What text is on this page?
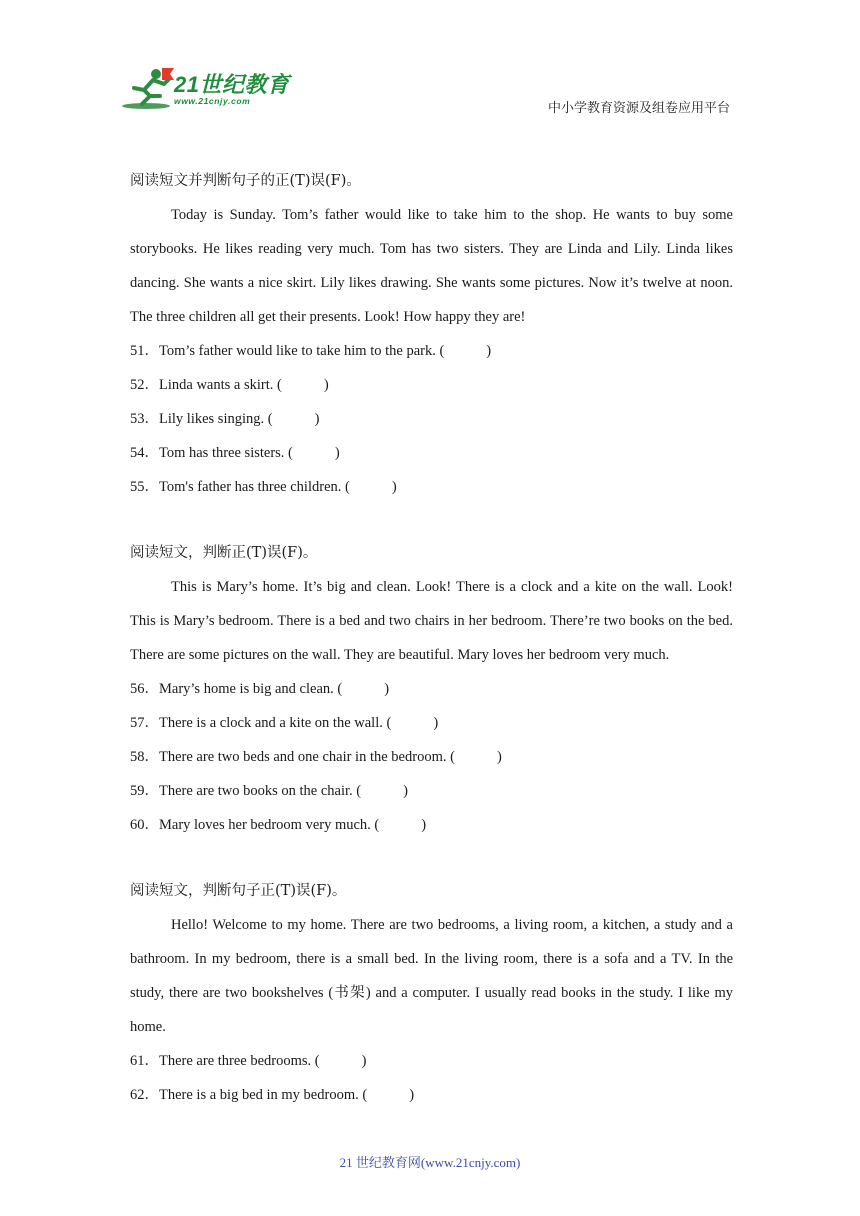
21世纪教育
www.21cnjy.com	中小学教育资源及组卷应用平台
阅读短文并判断句子的正(T)误(F)。
Today is Sunday. Tom’s father would like to take him to the shop. He wants to buy some storybooks. He likes reading very much. Tom has two sisters. They are Linda and Lily. Linda likes dancing. She wants a nice skirt. Lily likes drawing. She wants some pictures. Now it’s twelve at noon. The three children all get their presents. Look! How happy they are!
51．Tom’s father would like to take him to the park. (	)
52．Linda wants a skirt. (	)
53．Lily likes singing. (	)
54．Tom has three sisters. (	)
55．Tom's father has three children. (	)
阅读短文，判断正(T)误(F)。
This is Mary’s home. It’s big and clean. Look! There is a clock and a kite on the wall. Look! This is Mary’s bedroom. There is a bed and two chairs in her bedroom. There’re two books on the bed. There are some pictures on the wall. They are beautiful. Mary loves her bedroom very much.
56．Mary’s home is big and clean. (	)
57．There is a clock and a kite on the wall. (	)
58．There are two beds and one chair in the bedroom. (	)
59．There are two books on the chair. (	)
60．Mary loves her bedroom very much. (	)
阅读短文，判断句子正(T)误(F)。
Hello! Welcome to my home. There are two bedrooms, a living room, a kitchen, a study and a bathroom. In my bedroom, there is a small bed. In the living room, there is a sofa and a TV. In the study, there are two bookshelves (书架) and a computer. I usually read books in the study. I like my home.
61．There are three bedrooms. (	)
62．There is a big bed in my bedroom. (	)
21 世纪教育网(www.21cnjy.com)
